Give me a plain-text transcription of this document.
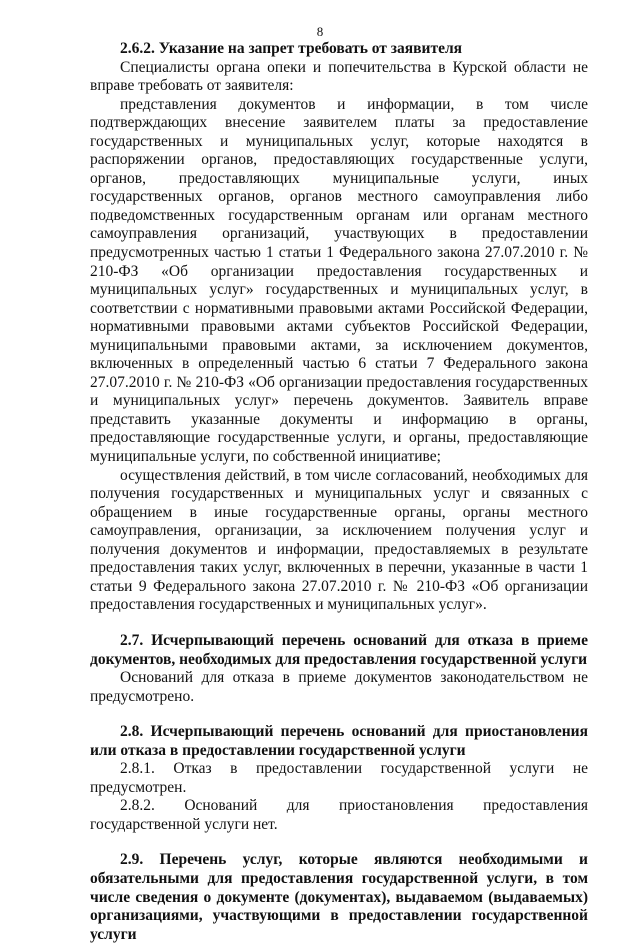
8

2.6.2. Указание на запрет требовать от заявителя

Специалисты органа опеки и попечительства в Курской области не вправе требовать от заявителя:

представления документов и информации, в том числе подтверждающих внесение заявителем платы за предоставление государственных и муниципальных услуг, которые находятся в распоряжении органов, предоставляющих государственные услуги, органов, предоставляющих муниципальные услуги, иных государственных органов, органов местного самоуправления либо подведомственных государственным органам или органам местного самоуправления организаций, участвующих в предоставлении предусмотренных частью 1 статьи 1 Федерального закона 27.07.2010 г. № 210-ФЗ «Об организации предоставления государственных и муниципальных услуг» государственных и муниципальных услуг, в соответствии с нормативными правовыми актами Российской Федерации, нормативными правовыми актами субъектов Российской Федерации, муниципальными правовыми актами, за исключением документов, включенных в определенный частью 6 статьи 7 Федерального закона 27.07.2010 г. № 210-ФЗ «Об организации предоставления государственных и муниципальных услуг» перечень документов. Заявитель вправе представить указанные документы и информацию в органы, предоставляющие государственные услуги, и органы, предоставляющие муниципальные услуги, по собственной инициативе;

осуществления действий, в том числе согласований, необходимых для получения государственных и муниципальных услуг и связанных с обращением в иные государственные органы, органы местного самоуправления, организации, за исключением получения услуг и получения документов и информации, предоставляемых в результате предоставления таких услуг, включенных в перечни, указанные в части 1 статьи 9 Федерального закона 27.07.2010 г. № 210-ФЗ «Об организации предоставления государственных и муниципальных услуг».

2.7. Исчерпывающий перечень оснований для отказа в приеме документов, необходимых для предоставления государственной услуги

Оснований для отказа в приеме документов законодательством не предусмотрено.

2.8. Исчерпывающий перечень оснований для приостановления или отказа в предоставлении государственной услуги

2.8.1. Отказ в предоставлении государственной услуги не предусмотрен.

2.8.2. Оснований для приостановления предоставления государственной услуги нет.

2.9. Перечень услуг, которые являются необходимыми и обязательными для предоставления государственной услуги, в том числе сведения о документе (документах), выдаваемом (выдаваемых) организациями, участвующими в предоставлении государственной услуги
